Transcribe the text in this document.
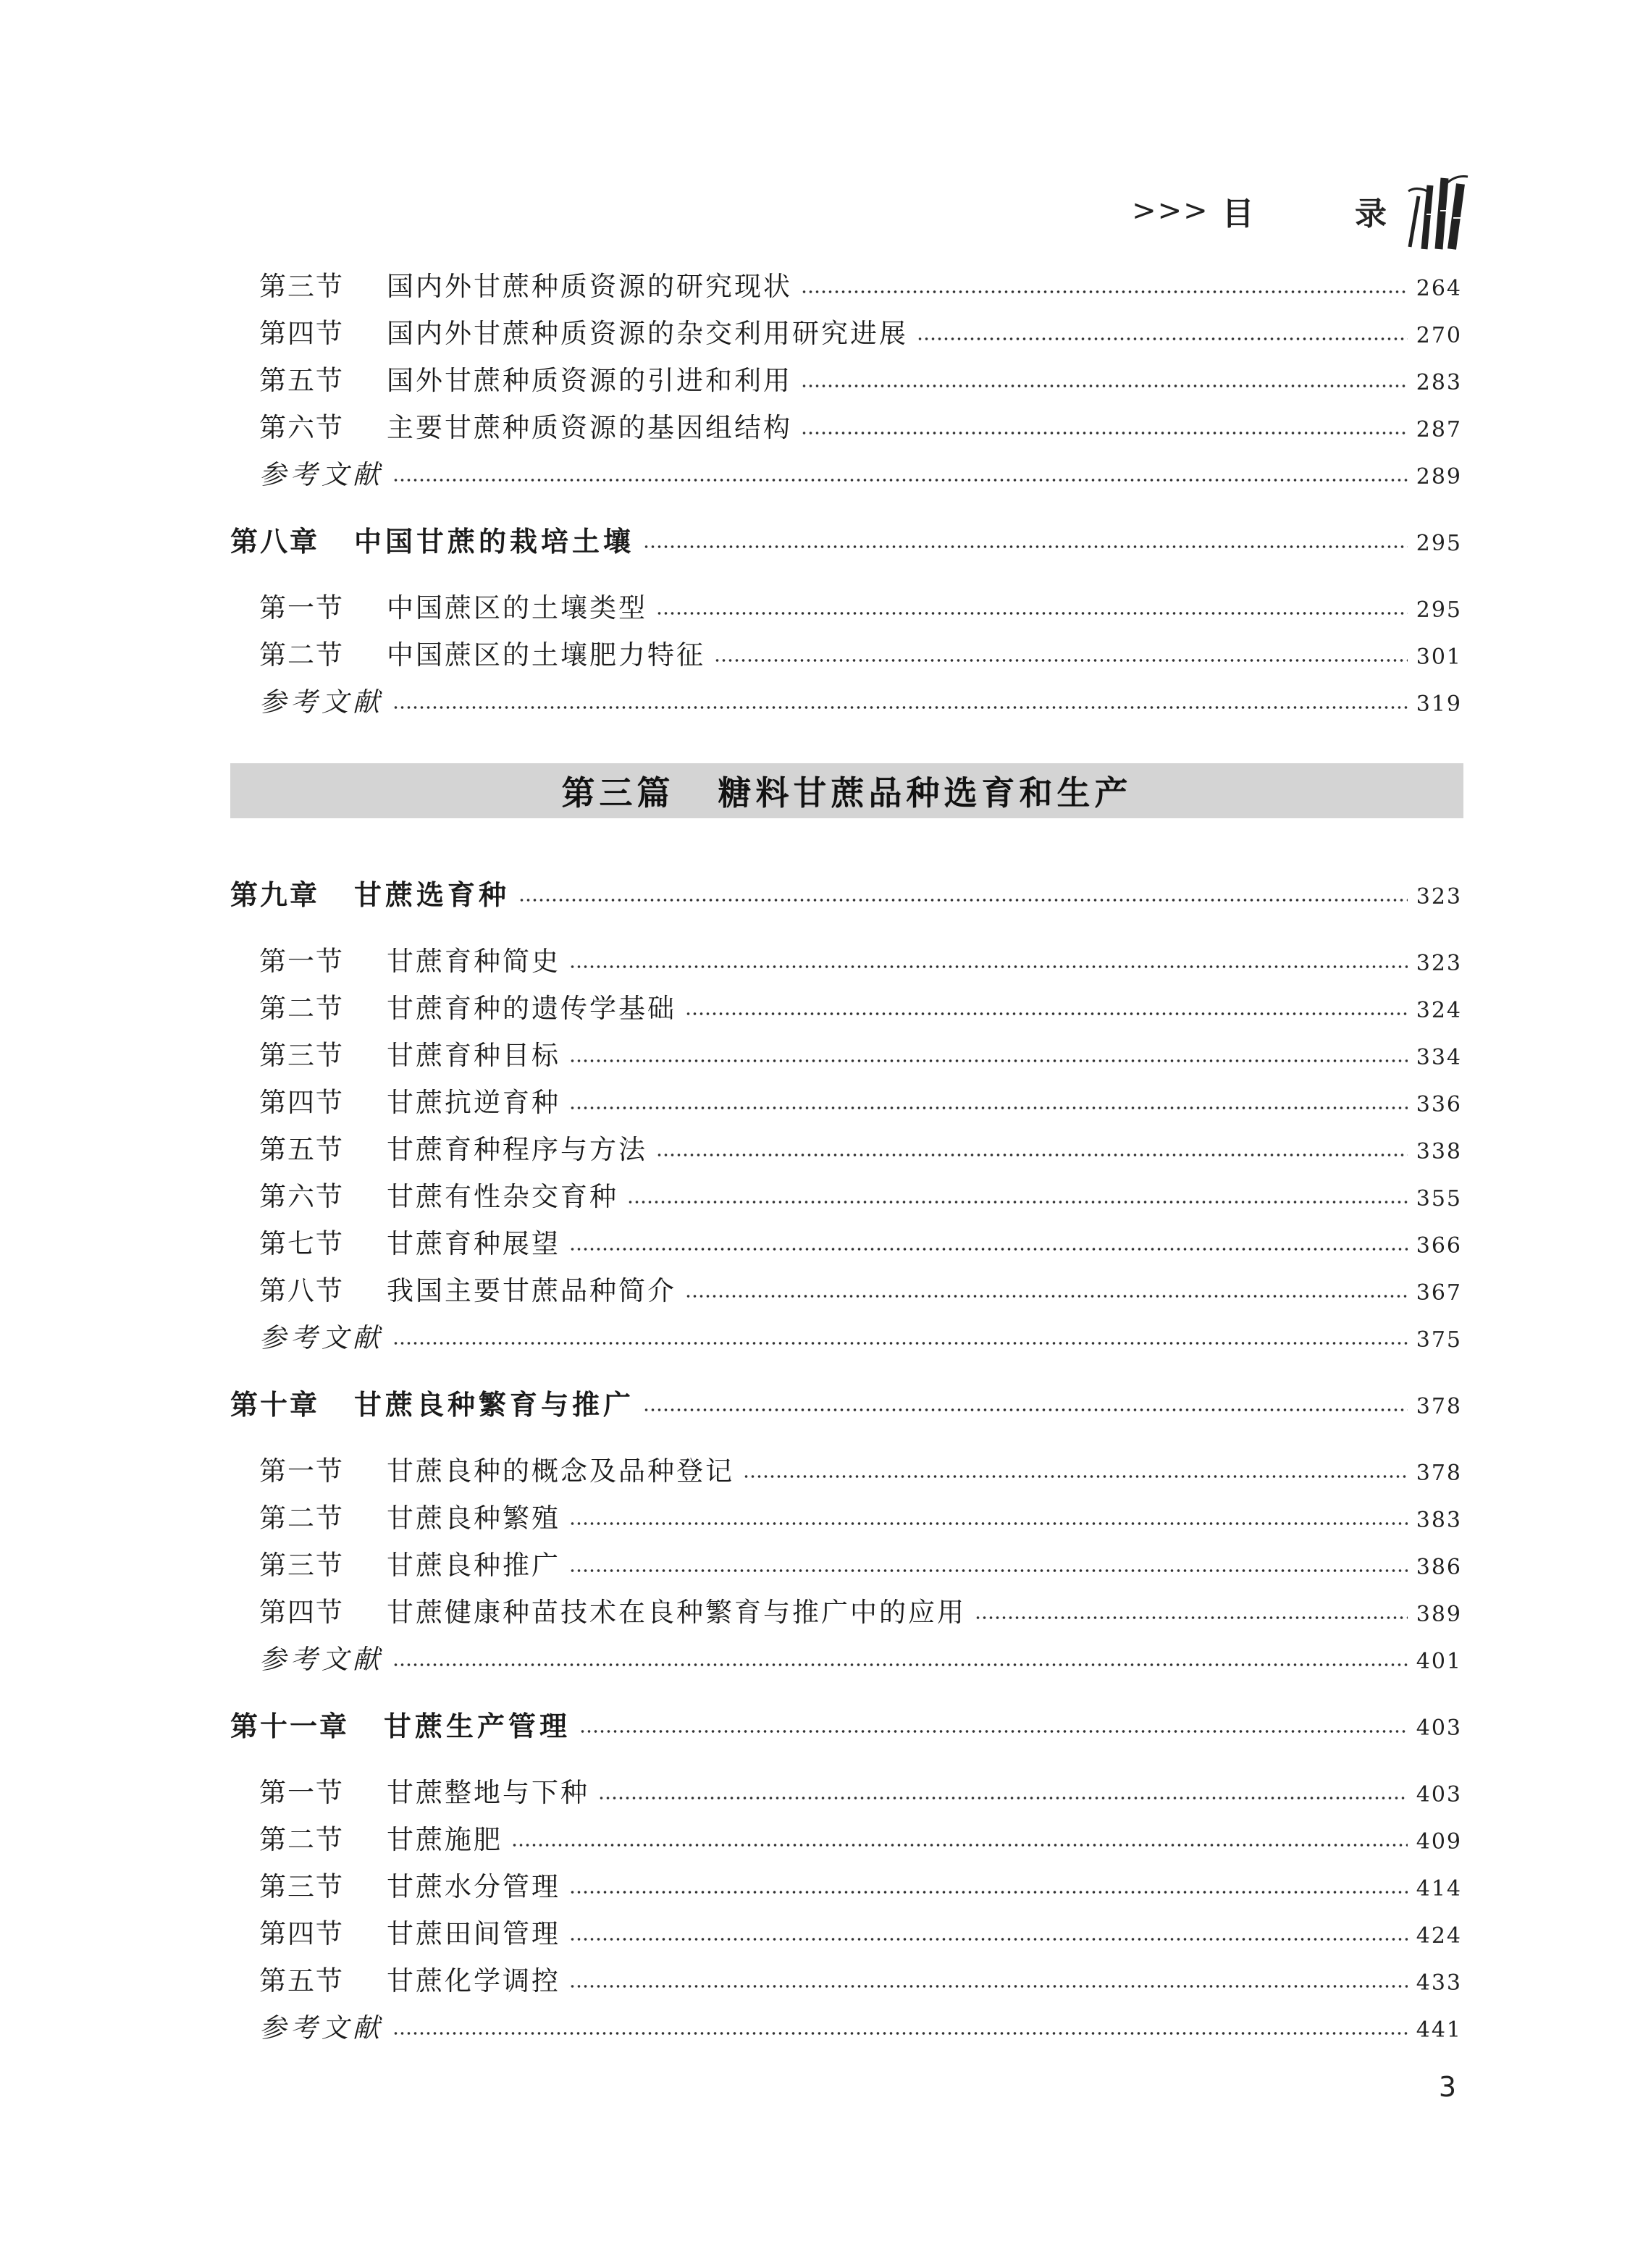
>>> 目 录
第三节 国内外甘蔗种质资源的研究现状	264
第四节 国内外甘蔗种质资源的杂交利用研究进展	270
第五节 国外甘蔗种质资源的引进和利用	283
第六节 主要甘蔗种质资源的基因组结构	287
参考文献	289
第八章 中国甘蔗的栽培土壤	295
第一节 中国蔗区的土壤类型	295
第二节 中国蔗区的土壤肥力特征	301
参考文献	319
第三篇 糖料甘蔗品种选育和生产
第九章 甘蔗选育种	323
第一节 甘蔗育种简史	323
第二节 甘蔗育种的遗传学基础	324
第三节 甘蔗育种目标	334
第四节 甘蔗抗逆育种	336
第五节 甘蔗育种程序与方法	338
第六节 甘蔗有性杂交育种	355
第七节 甘蔗育种展望	366
第八节 我国主要甘蔗品种简介	367
参考文献	375
第十章 甘蔗良种繁育与推广	378
第一节 甘蔗良种的概念及品种登记	378
第二节 甘蔗良种繁殖	383
第三节 甘蔗良种推广	386
第四节 甘蔗健康种苗技术在良种繁育与推广中的应用	389
参考文献	401
第十一章 甘蔗生产管理	403
第一节 甘蔗整地与下种	403
第二节 甘蔗施肥	409
第三节 甘蔗水分管理	414
第四节 甘蔗田间管理	424
第五节 甘蔗化学调控	433
参考文献	441
3
